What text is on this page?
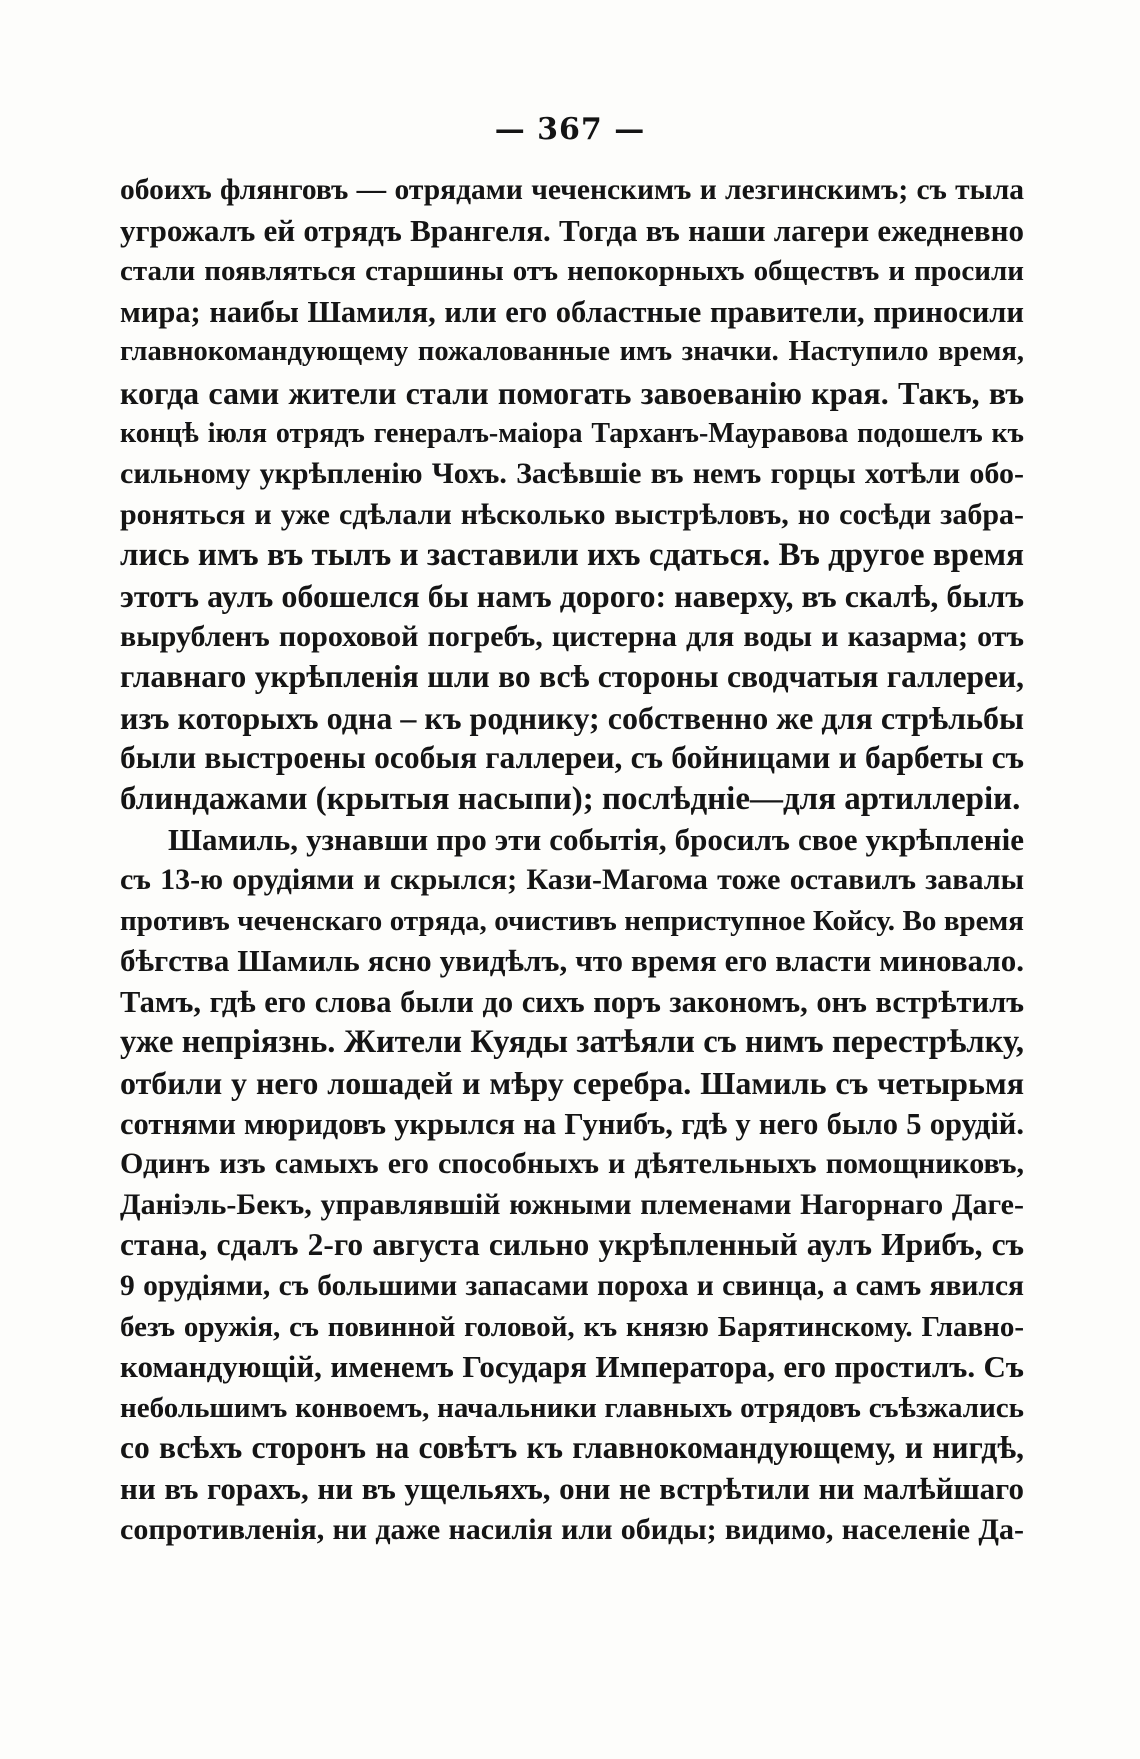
— 367 —
обоихъ флянговъ — отрядами чеченскимъ и лезгинскимъ; съ тыла
угрожалъ ей отрядъ Врангеля. Тогда въ наши лагери ежедневно
стали появляться старшины отъ непокорныхъ обществъ и просили
мира; наибы Шамиля, или его областные правители, приносили
главнокомандующему пожалованные имъ значки. Наступило время,
когда сами жители стали помогать завоеванію края. Такъ, въ
концѣ іюля отрядъ генералъ-маіора Тарханъ-Мауравова подошелъ къ
сильному укрѣпленію Чохъ. Засѣвшіе въ немъ горцы хотѣли обо-
роняться и уже сдѣлали нѣсколько выстрѣловъ, но сосѣди забра-
лись имъ въ тылъ и заставили ихъ сдаться. Въ другое время
этотъ аулъ обошелся бы намъ дорого: наверху, въ скалѣ, былъ
вырубленъ пороховой погребъ, цистерна для воды и казарма; отъ
главнаго укрѣпленія шли во всѣ стороны сводчатыя галлереи,
изъ которыхъ одна – къ роднику; собственно же для стрѣльбы
были выстроены особыя галлереи, съ бойницами и барбеты съ
блиндажами (крытыя насыпи); послѣдніе—для артиллеріи.
Шамиль, узнавши про эти событія, бросилъ свое укрѣпленіе
съ 13-ю орудіями и скрылся; Кази-Магома тоже оставилъ завалы
противъ чеченскаго отряда, очистивъ неприступное Койсу. Во время
бѣгства Шамиль ясно увидѣлъ, что время его власти миновало.
Тамъ, гдѣ его слова были до сихъ поръ закономъ, онъ встрѣтилъ
уже непріязнь. Жители Куяды затѣяли съ нимъ перестрѣлку,
отбили у него лошадей и мѣру серебра. Шамиль съ четырьмя
сотнями мюридовъ укрылся на Гунибъ, гдѣ у него было 5 орудій.
Одинъ изъ самыхъ его способныхъ и дѣятельныхъ помощниковъ,
Даніэль-Бекъ, управлявшій южными племенами Нагорнаго Даге-
стана, сдалъ 2-го августа сильно укрѣпленный аулъ Ирибъ, съ
9 орудіями, съ большими запасами пороха и свинца, а самъ явился
безъ оружія, съ повинной головой, къ князю Барятинскому. Главно-
командующій, именемъ Государя Императора, его простилъ. Съ
небольшимъ конвоемъ, начальники главныхъ отрядовъ съѣзжались
со всѣхъ сторонъ на совѣтъ къ главнокомандующему, и нигдѣ,
ни въ горахъ, ни въ ущельяхъ, они не встрѣтили ни малѣйшаго
сопротивленія, ни даже насилія или обиды; видимо, населеніе Да-
